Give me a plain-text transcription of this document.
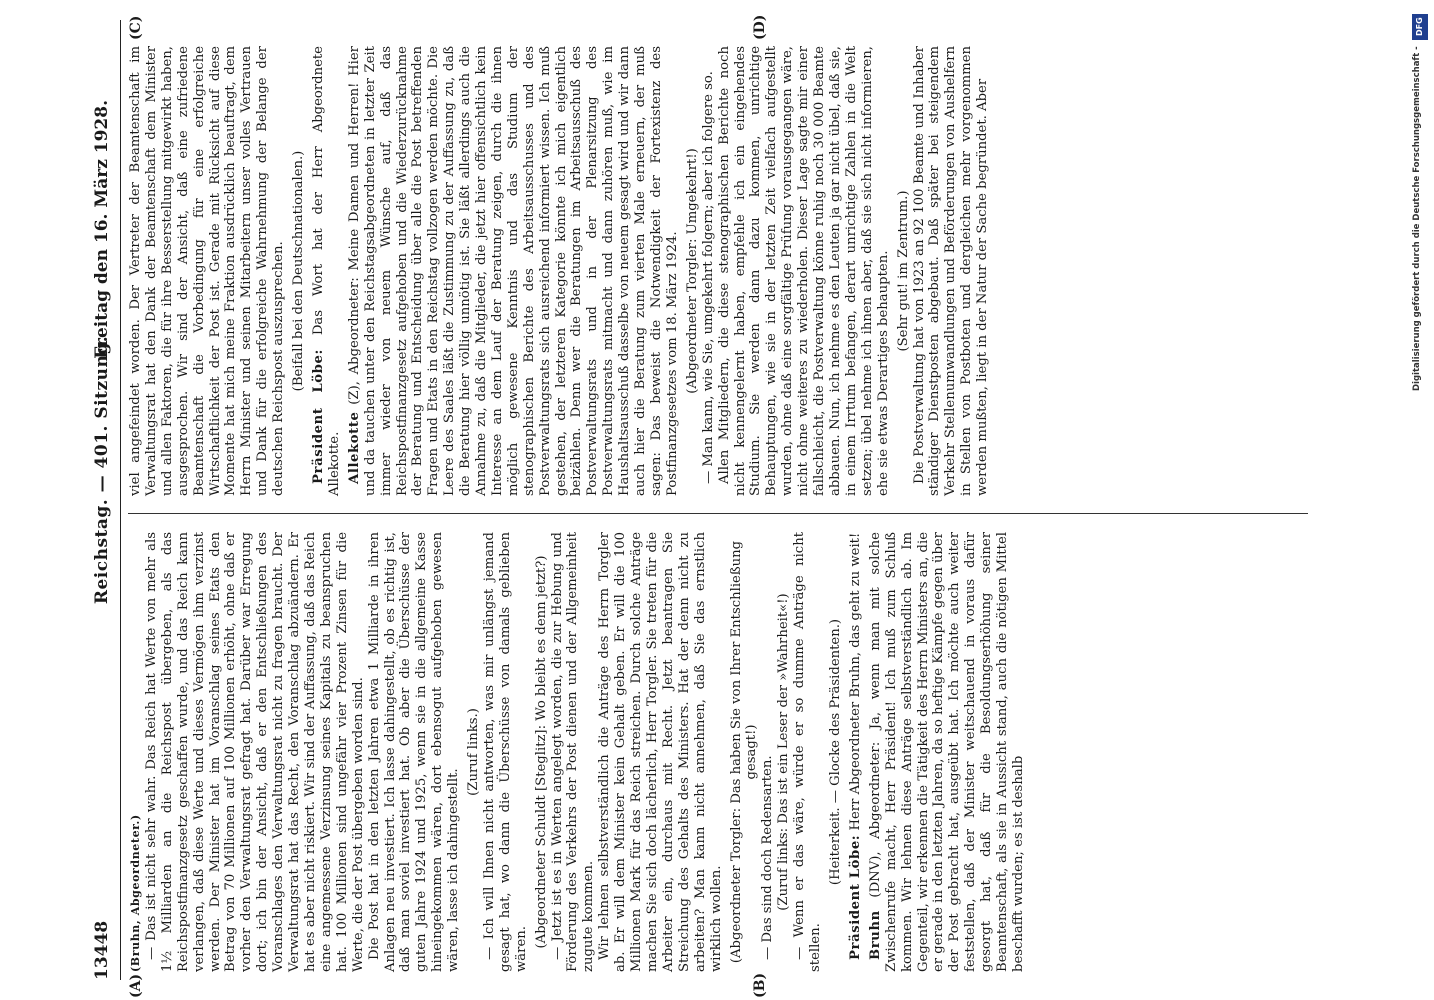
13448
Reichstag. — 401. Sitzung.
Freitag den 16. März 1928.

(Bruhn, Abgeordneter.) — Das ist nicht sehr wahr. Das Reich hat Werte von mehr als 1½ Milliarden an die Reichspost übergeben, als das Reichspostfinanzgesetz geschaffen wurde, und das Reich kann verlangen, daß diese Werte und dieses Vermögen ihm verzinst werden. Der Minister hat im Voranschlag seines Etats den Betrag von 70 Millionen auf 100 Millionen erhöht, ohne daß er vorher den Verwaltungsrat gefragt hat. Darüber war Erregung dort; ich bin der Ansicht, daß er den Entschließungen des Voranschlages den Verwaltungsrat nicht zu fragen braucht. Der Verwaltungsrat hat das Recht, den Voranschlag abzuändern. Er hat es aber nicht riskiert. Wir sind der Auffassung, daß das Reich eine angemessene Verzinsung seines Kapitals zu beanspruchen hat. 100 Millionen sind ungefähr vier Prozent Zinsen für die Werte, die der Post übergeben worden sind. Die Post hat in den letzten Jahren etwa 1 Milliarde in ihren Anlagen neu investiert. Ich lasse dahingestellt, ob es richtig ist, daß man soviel investiert hat. Ob aber die Überschüsse der guten Jahre 1924 und 1925, wenn sie in die allgemeine Kasse hineingekommen wären, dort ebensogut aufgehoben gewesen wären, lasse ich dahingestellt.

(Zuruf links.) — Ich will Ihnen nicht antworten, was mir unlängst jemand gesagt hat, wo dann die Überschüsse von damals geblieben wären.

(Abgeordneter Schuldt [Steglitz]: Wo bleibt es denn jetzt?) — Jetzt ist es in Werten angelegt worden, die zur Hebung und Förderung des Verkehrs der Post dienen und der Allgemeinheit zugute kommen. Wir lehnen selbstverständlich die Anträge des Herrn Torgler ab. Er will dem Minister kein Gehalt geben. Er will die 100 Millionen Mark für das Reich streichen. Durch solche Anträge machen Sie sich doch lächerlich, Herr Torgler. Sie treten für die Arbeiter ein, durchaus mit Recht. Jetzt beantragen Sie Streichung des Gehalts des Ministers. Hat der denn nicht zu arbeiten? Man kann nicht annehmen, daß Sie das ernstlich wirklich wollen. (Abgeordneter Torgler: Das haben Sie von Ihrer Entschließung gesagt!)

— Das sind doch Redensarten. (Zuruf links: Das ist ein Leser der »Wahrheit«!) — Wenn er das wäre, würde er so dumme Anträge nicht stellen.

(Heiterkeit. — Glocke des Präsidenten.)

Präsident Löbe: Herr Abgeordneter Bruhn, das geht zu weit!

Bruhn (DNV), Abgeordneter: Ja, wenn man mit solche Zwischenrufe macht, Herr Präsident! Ich muß zum Schluß kommen. Wir lehnen diese Anträge selbstverständlich ab. Im Gegenteil, wir erkennen die Tätigkeit des Herrn Ministers an, die er gerade in den letzten Jahren, da so heftige Kämpfe gegen über der Post gebracht hat, ausgeübt hat. Ich möchte auch weiter feststellen, daß der Minister weitschauend in voraus dafür gesorgt hat, daß für die Besoldungserhöhung seiner Beamtenschaft, als sie in Aussicht stand, auch die nötigen Mittel beschafft wurden; es ist deshalb

viel angefeindet worden. Der Vertreter der Beamtenschaft im Verwaltungsrat hat den Dank der Beamtenschaft dem Minister und allen Faktoren, die für ihre Besserstellung mitgewirkt haben, ausgesprochen. Wir sind der Ansicht, daß eine zufriedene Beamtenschaft die Vorbedingung für eine erfolgreiche Wirtschaftlichkeit der Post ist. Gerade mit Rücksicht auf diese Momente hat mich meine Fraktion ausdrücklich beauftragt, dem Herrn Minister und seinen Mitarbeitern unser volles Vertrauen und Dank für die erfolgreiche Wahrnehmung der Belange der deutschen Reichspost auszusprechen. (Beifall bei den Deutschnationalen.)

Präsident Löbe: Das Wort hat der Herr Abgeordnete Allekotte. Allekotte (Z), Abgeordneter: Meine Damen und Herren! Hier und da tauchen unter den Reichstagsabgeordneten in letzter Zeit immer wieder von neuem Wünsche auf, daß das Reichspostfinanzgesetz aufgehoben und die Wiederzurücknahme der Beratung und Entscheidung über alle die Post betreffenden Fragen und Etats in den Reichstag vollzogen werden möchte. Die Leere des Saales läßt die Zustimmung zu der Auffassung zu, daß die Beratung hier völlig unnötig ist. Sie läßt allerdings auch die Annahme zu, daß die Mitglieder, die jetzt hier offensichtlich kein Interesse an dem Lauf der Beratung zeigen, durch die ihnen möglich gewesene Kenntnis und das Studium der stenographischen Berichte des Arbeitsausschusses und des Postverwaltungsrats sich ausreichend informiert wissen. Ich muß gestehen, der letzteren Kategorie könnte ich mich eigentlich beizählen. Denn wer die Beratungen im Arbeitsausschuß des Postverwaltungsrats und in der Plenarsitzung des Postverwaltungsrats mitmacht und dann zuhören muß, wie im Haushaltsausschuß dasselbe von neuem gesagt wird und wir dann auch hier die Beratung zum vierten Male erneuern, der muß sagen: Das beweist die Notwendigkeit der Fortexistenz des Postfinanzgesetzes vom 18. März 1924. (Abgeordneter Torgler: Umgekehrt!) — Man kann, wie Sie, umgekehrt folgern; aber ich folgere so. Allen Mitgliedern, die diese stenographischen Berichte noch nicht kennengelernt haben, empfehle ich ein eingehendes Studium. Sie werden dann dazu kommen, unrichtige Behauptungen, wie sie in der letzten Zeit vielfach aufgestellt wurden, ohne daß eine sorgfältige Prüfung vorausgegangen wäre, nicht ohne weiteres zu wiederholen. Dieser Lage sagte mir einer fallschleicht, die Postverwaltung könne ruhig noch 30 000 Beamte abbauen. Nun, ich nehme es den Leuten ja gar nicht übel, daß sie, in einem Irrtum befangen, derart unrichtige Zahlen in die Welt setzen; übel nehme ich ihnen aber, daß sie sich nicht informieren, ehe sie etwas Derartiges behaupten. (Sehr gut! im Zentrum.) Die Postverwaltung hat von 1923 an 92 100 Beamte und Inhaber ständiger Dienstposten abgebaut. Daß später bei steigendem Verkehr Stellenumwandlungen und Beförderungen von Aushelfern in Stellen von Postboten und dergleichen mehr vorgenommen werden mußten, liegt in der Natur der Sache begründet. Aber

(A)	(B)
(C)	(D)	DFG
Digitalisierung gefördert durch die Deutsche Forschungsgemeinschaft -
